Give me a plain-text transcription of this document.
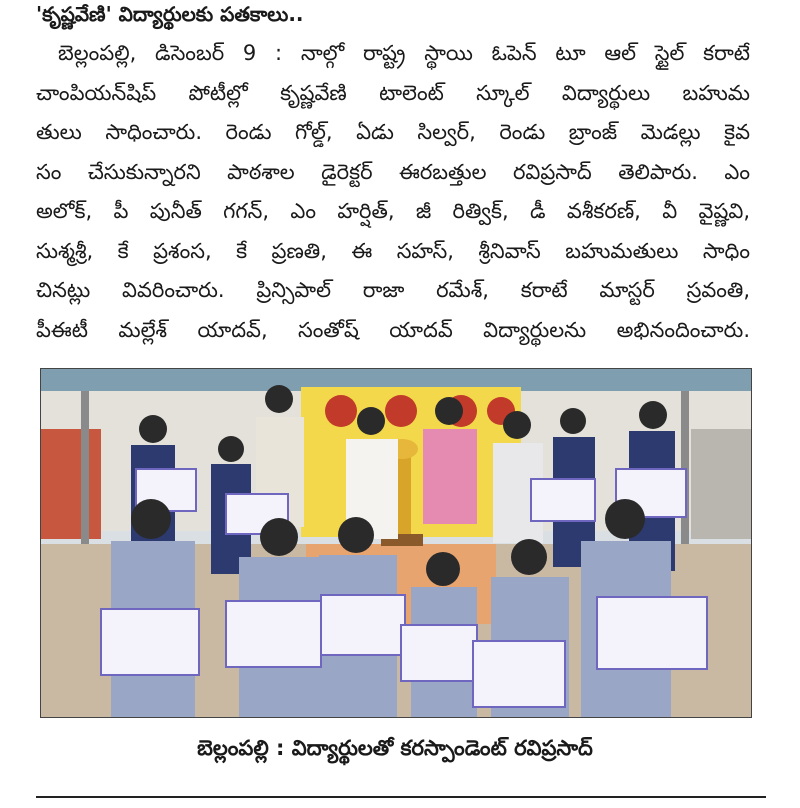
'కృష్ణవేణి' విద్యార్థులకు పతకాలు..
బెల్లంపల్లి, డిసెంబర్ 9 : నాల్గో రాష్ట్ర స్థాయి ఓపెన్ టూ ఆల్ స్టైల్ కరాటే
చాంపియన్‌షిప్ పోటీల్లో కృష్ణవేణి టాలెంట్ స్కూల్ విద్యార్థులు బహుమ
తులు సాధించారు. రెండు గోల్డ్, ఏడు సిల్వర్, రెండు బ్రాంజ్ మెడల్లు కైవ
సం చేసుకున్నారని పాఠశాల డైరెక్టర్ ఈరబత్తుల రవిప్రసాద్ తెలిపారు. ఎం
అలోక్, పీ పునీత్ గగన్, ఎం హర్షిత్, జీ రిత్విక్, డీ వశీకరణ్, వీ వైష్ణవి,
సుశ్మశ్రీ, కే ప్రశంస, కే ప్రణతి, ఈ సహస్, శ్రీనివాస్ బహుమతులు సాధిం
చినట్లు వివరించారు. ప్రిన్సిపాల్ రాజా రమేశ్, కరాటే మాస్టర్ స్రవంతి,
పీఈటీ మల్లేశ్ యాదవ్, సంతోష్ యాదవ్ విద్యార్థులను అభినందించారు.
బెల్లంపల్లి : విద్యార్థులతో కరస్పాండెంట్ రవిప్రసాద్
